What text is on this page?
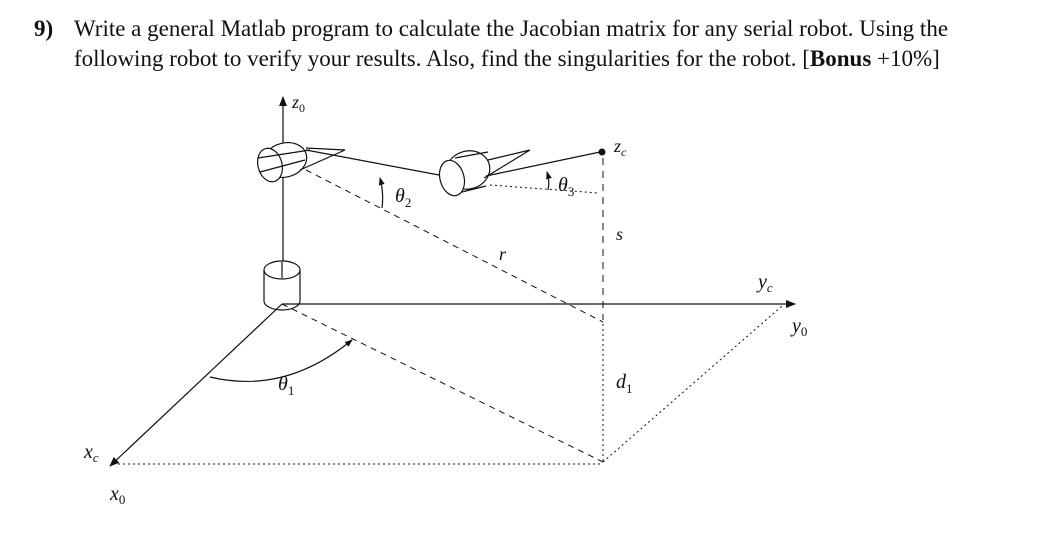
9) Write a general Matlab program to calculate the Jacobian matrix for any serial robot. Using the
following robot to verify your results. Also, find the singularities for the robot. [Bonus +10%]
$z_0$
$z_c$
$\theta_2$
$\theta_3$
s
r
$y_c$
$y_0$
$\theta_1$	$d_1$
$x_c$
$x_0$
